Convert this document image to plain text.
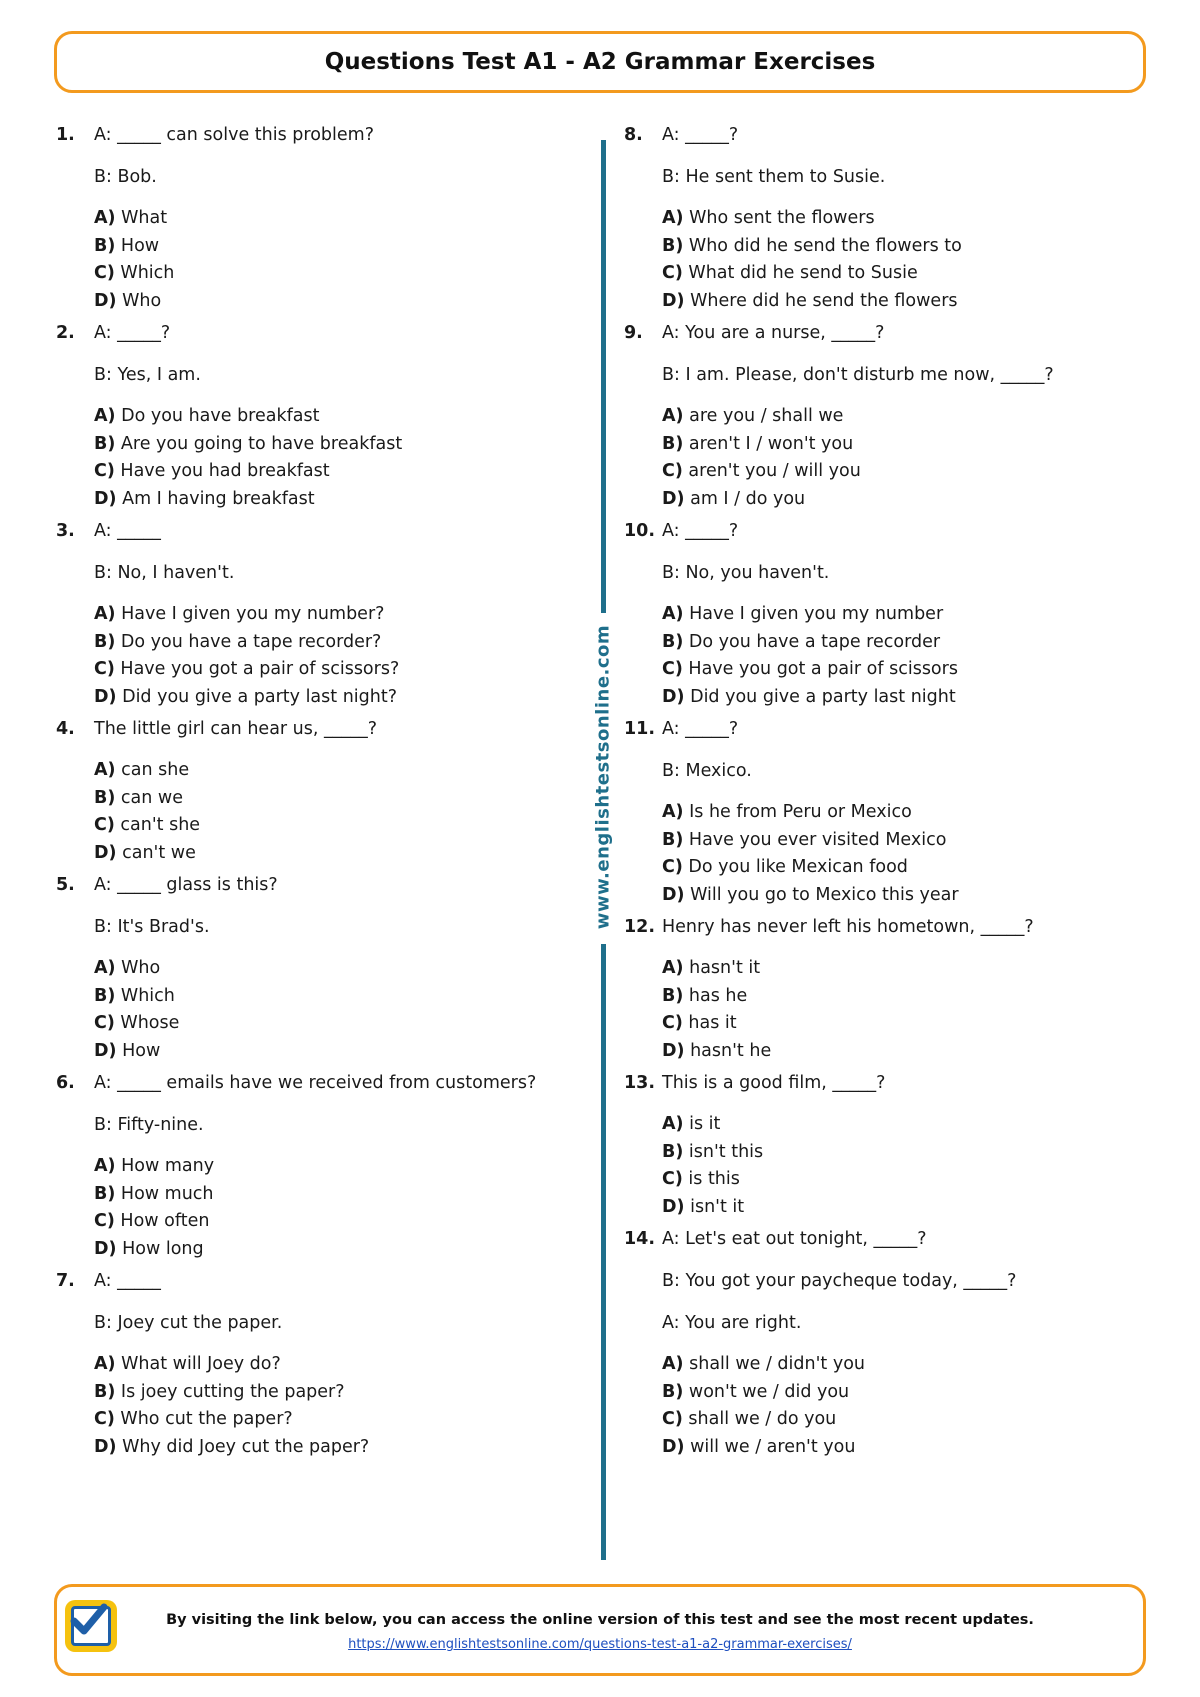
Questions Test A1 - A2 Grammar Exercises
1. A: _____ can solve this problem?
B: Bob.
A) What
B) How
C) Which
D) Who
2. A: _____?
B: Yes, I am.
A) Do you have breakfast
B) Are you going to have breakfast
C) Have you had breakfast
D) Am I having breakfast
3. A: _____
B: No, I haven't.
A) Have I given you my number?
B) Do you have a tape recorder?
C) Have you got a pair of scissors?
D) Did you give a party last night?
4. The little girl can hear us, _____?
A) can she
B) can we
C) can't she
D) can't we
5. A: _____ glass is this?
B: It's Brad's.
A) Who
B) Which
C) Whose
D) How
6. A: _____ emails have we received from customers?
B: Fifty-nine.
A) How many
B) How much
C) How often
D) How long
7. A: _____
B: Joey cut the paper.
A) What will Joey do?
B) Is joey cutting the paper?
C) Who cut the paper?
D) Why did Joey cut the paper?
8. A: _____?
B: He sent them to Susie.
A) Who sent the flowers
B) Who did he send the flowers to
C) What did he send to Susie
D) Where did he send the flowers
9. A: You are a nurse, _____?
B: I am. Please, don't disturb me now, _____?
A) are you / shall we
B) aren't I / won't you
C) aren't you / will you
D) am I / do you
10. A: _____?
B: No, you haven't.
A) Have I given you my number
B) Do you have a tape recorder
C) Have you got a pair of scissors
D) Did you give a party last night
11. A: _____?
B: Mexico.
A) Is he from Peru or Mexico
B) Have you ever visited Mexico
C) Do you like Mexican food
D) Will you go to Mexico this year
12. Henry has never left his hometown, _____?
A) hasn't it
B) has he
C) has it
D) hasn't he
13. This is a good film, _____?
A) is it
B) isn't this
C) is this
D) isn't it
14. A: Let's eat out tonight, _____?
B: You got your paycheque today, _____?
A: You are right.
A) shall we / didn't you
B) won't we / did you
C) shall we / do you
D) will we / aren't you
www.englishtestsonline.com
By visiting the link below, you can access the online version of this test and see the most recent updates.
https://www.englishtestsonline.com/questions-test-a1-a2-grammar-exercises/
